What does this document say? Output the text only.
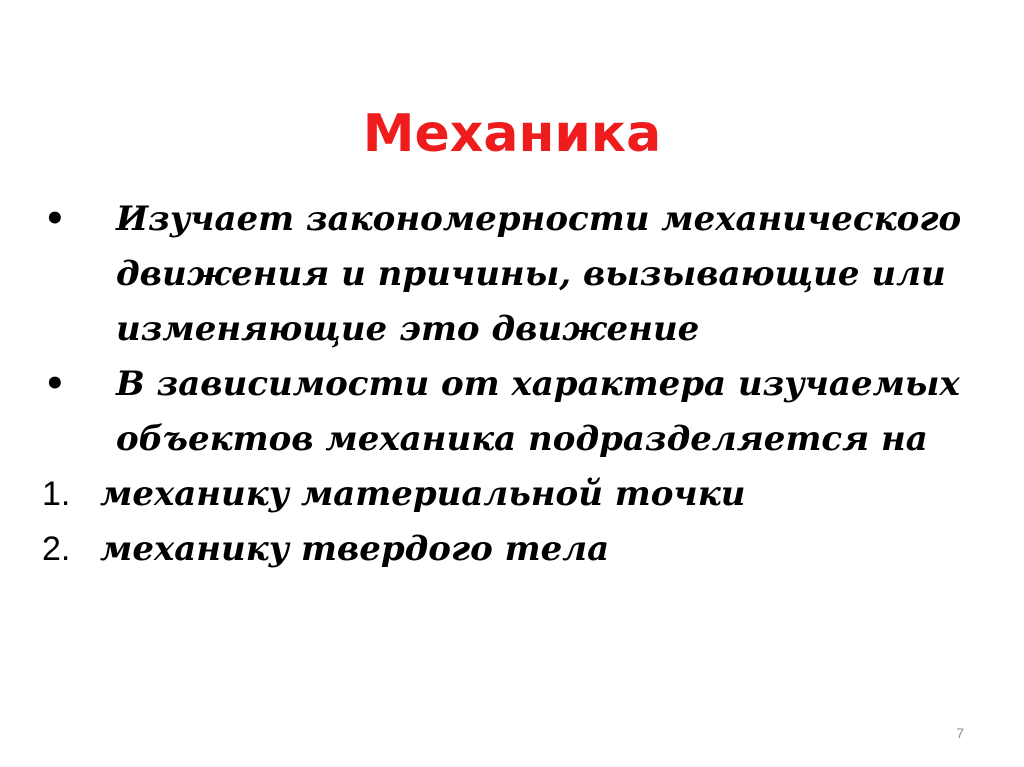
Механика
• Изучает закономерности механического
движения и причины, вызывающие или
изменяющие это движение
• В зависимости от характера изучаемых
объектов механика подразделяется на
1. механику материальной точки
2. механику твердого тела
7
